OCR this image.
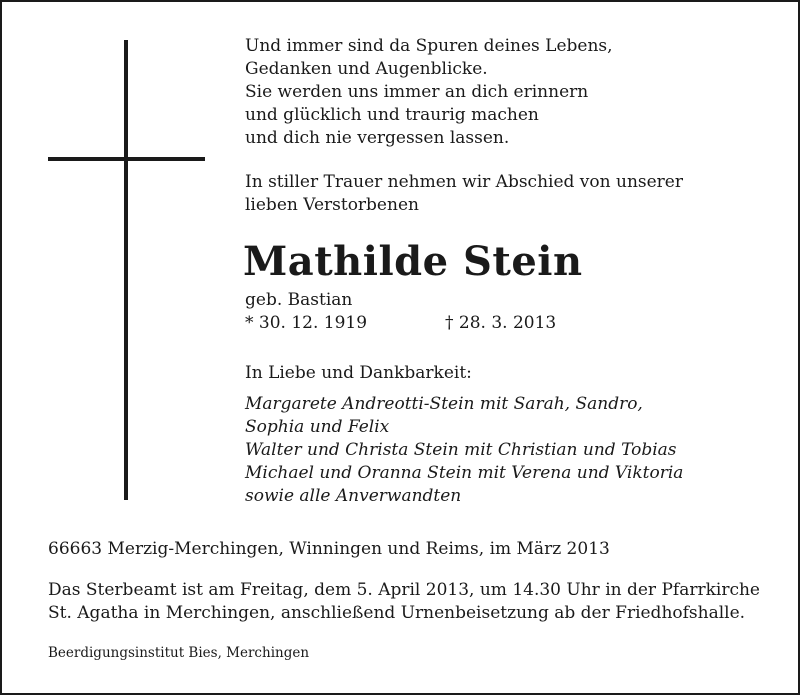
Und immer sind da Spuren deines Lebens,
Gedanken und Augenblicke.
Sie werden uns immer an dich erinnern
und glücklich und traurig machen
und dich nie vergessen lassen.
In stiller Trauer nehmen wir Abschied von unserer
lieben Verstorbenen
Mathilde Stein
geb. Bastian
* 30. 12. 1919	† 28. 3. 2013
In Liebe und Dankbarkeit:
Margarete Andreotti-Stein mit Sarah, Sandro,
Sophia und Felix
Walter und Christa Stein mit Christian und Tobias
Michael und Oranna Stein mit Verena und Viktoria
sowie alle Anverwandten
66663 Merzig-Merchingen, Winningen und Reims, im März 2013
Das Sterbeamt ist am Freitag, dem 5. April 2013, um 14.30 Uhr in der Pfarrkirche
St. Agatha in Merchingen, anschließend Urnenbeisetzung ab der Friedhofshalle.
Beerdigungsinstitut Bies, Merchingen
